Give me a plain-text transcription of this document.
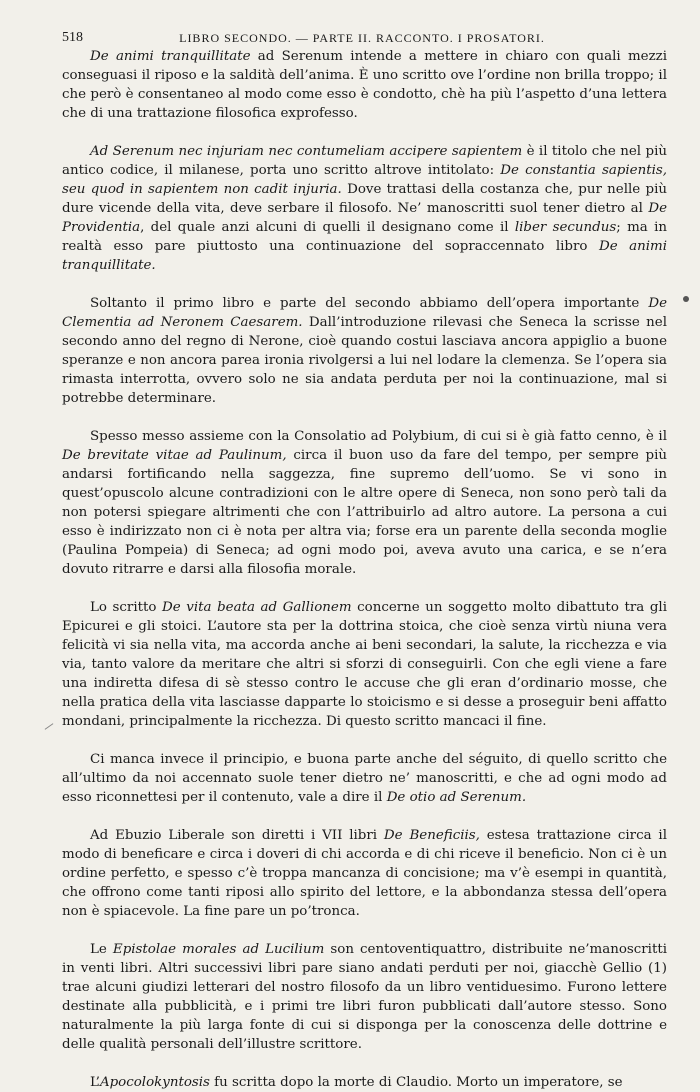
518	LIBRO SECONDO. — PARTE II. RACCONTO. I PROSATORI.

De animi tranquillitate ad Serenum intende a mettere in chiaro con quali mezzi conseguasi il riposo e la saldità dell’anima. È uno scritto ove l’ordine non brilla troppo; il che però è consentaneo al modo come esso è condotto, chè ha più l’aspetto d’una lettera che di una trattazione filosofica exprofesso.

Ad Serenum nec injuriam nec contumeliam accipere sapientem è il titolo che nel più antico codice, il milanese, porta uno scritto altrove intitolato: De constantia sapientis, seu quod in sapientem non cadit injuria. Dove trattasi della costanza che, pur nelle più dure vicende della vita, deve serbare il filosofo. Ne’ manoscritti suol tener dietro al De Providentia, del quale anzi alcuni di quelli il designano come il liber secundus; ma in realtà esso pare piuttosto una continuazione del sopraccennato libro De animi tranquillitate.

Soltanto il primo libro e parte del secondo abbiamo dell’opera importante De Clementia ad Neronem Caesarem. Dall’introduzione rilevasi che Seneca la scrisse nel secondo anno del regno di Nerone, cioè quando costui lasciava ancora appiglio a buone speranze e non ancora parea ironia rivolgersi a lui nel lodare la clemenza. Se l’opera sia rimasta interrotta, ovvero solo ne sia andata perduta per noi la continuazione, mal si potrebbe determinare.

Spesso messo assieme con la Consolatio ad Polybium, di cui si è già fatto cenno, è il De brevitate vitae ad Paulinum, circa il buon uso da fare del tempo, per sempre più andarsi fortificando nella saggezza, fine supremo dell’uomo. Se vi sono in quest’opuscolo alcune contradizioni con le altre opere di Seneca, non sono però tali da non potersi spiegare altrimenti che con l’attribuirlo ad altro autore. La persona a cui esso è indirizzato non ci è nota per altra via; forse era un parente della seconda moglie (Paulina Pompeia) di Seneca; ad ogni modo poi, aveva avuto una carica, e se n’era dovuto ritrarre e darsi alla filosofia morale.

Lo scritto De vita beata ad Gallionem concerne un soggetto molto dibattuto tra gli Epicurei e gli stoici. L’autore sta per la dottrina stoica, che cioè senza virtù niuna vera felicità vi sia nella vita, ma accorda anche ai beni secondari, la salute, la ricchezza e via via, tanto valore da meritare che altri si sforzi di conseguirli. Con che egli viene a fare una indiretta difesa di sè stesso contro le accuse che gli eran d’ordinario mosse, che nella pratica della vita lasciasse dapparte lo stoicismo e si desse a proseguir beni affatto mondani, principalmente la ricchezza. Di questo scritto mancaci il fine.

Ci manca invece il principio, e buona parte anche del séguito, di quello scritto che all’ultimo da noi accennato suole tener dietro ne’ manoscritti, e che ad ogni modo ad esso riconnettesi per il contenuto, vale a dire il De otio ad Serenum.

Ad Ebuzio Liberale son diretti i VII libri De Beneficiis, estesa trattazione circa il modo di beneficare e circa i doveri di chi accorda e di chi riceve il beneficio. Non ci è un ordine perfetto, e spesso c’è troppa mancanza di concisione; ma v’è esempi in quantità, che offrono come tanti riposi allo spirito del lettore, e la abbondanza stessa dell’opera non è spiacevole. La fine pare un po’tronca.

Le Epistolae morales ad Lucilium son centoventiquattro, distribuite ne’manoscritti in venti libri. Altri successivi libri pare siano andati perduti per noi, giacchè Gellio (1) trae alcuni giudizi letterari del nostro filosofo da un libro ventiduesimo. Furono lettere destinate alla pubblicità, e i primi tre libri furon pubblicati dall’autore stesso. Sono naturalmente la più larga fonte di cui si disponga per la conoscenza delle dottrine e delle qualità personali dell’illustre scrittore.

L’Apocolokyntosis fu scritta dopo la morte di Claudio. Morto un imperatore, se
